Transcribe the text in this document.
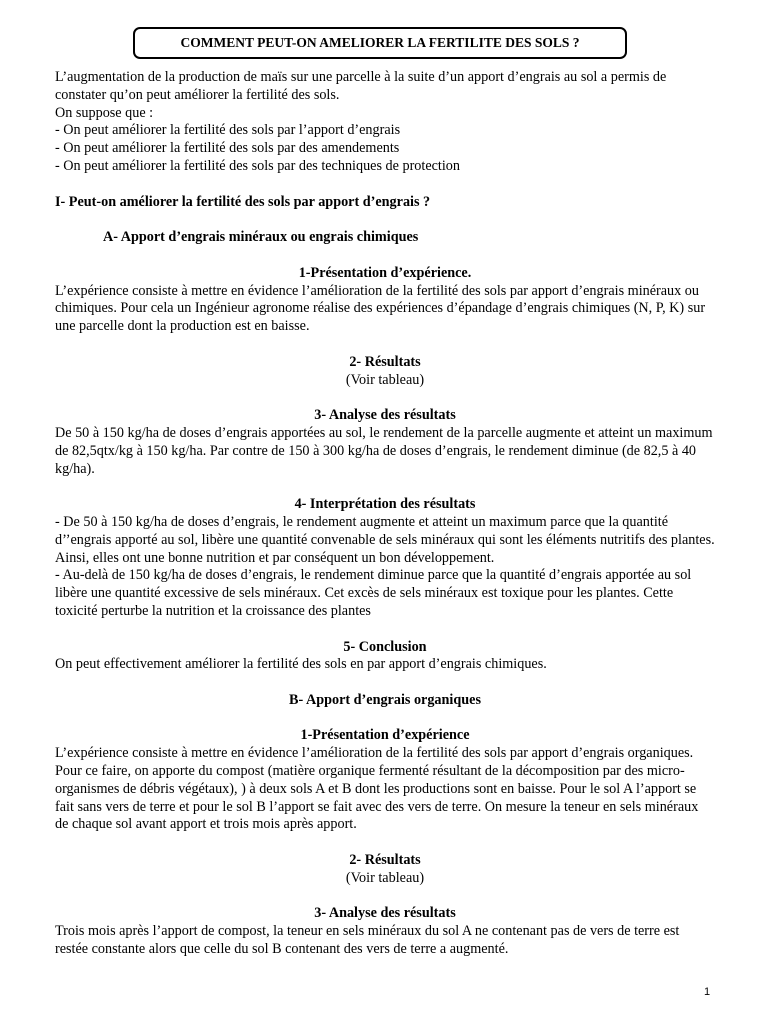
COMMENT PEUT-ON AMELIORER LA FERTILITE DES SOLS ?

L’augmentation de la production de maïs sur une parcelle à la suite d’un apport d’engrais au sol a permis de constater qu’on peut améliorer la fertilité des sols.

On suppose que :

- On peut améliorer la fertilité des sols par l’apport d’engrais

- On peut améliorer la fertilité des sols par des amendements

- On peut améliorer la fertilité des sols par des techniques de protection

I- Peut-on améliorer la fertilité des sols par apport d’engrais ?

A- Apport d’engrais minéraux ou engrais chimiques

1-Présentation d’expérience.

L’expérience consiste à mettre en évidence l’amélioration de la fertilité des sols par apport d’engrais minéraux ou chimiques. Pour cela un Ingénieur agronome réalise des expériences d’épandage d’engrais chimiques (N, P, K) sur une parcelle dont la production est en baisse.

2- Résultats

(Voir tableau)

3- Analyse des résultats

De 50 à 150 kg/ha de doses d’engrais apportées au sol, le rendement de la parcelle augmente et atteint un maximum de 82,5qtx/kg à 150 kg/ha. Par contre de 150 à 300 kg/ha de doses d’engrais, le rendement diminue (de 82,5 à 40 kg/ha).

4- Interprétation des résultats

- De 50 à 150 kg/ha de doses d’engrais, le rendement augmente et atteint un maximum parce que la quantité d’’engrais apporté au sol, libère une quantité convenable de sels minéraux qui sont les éléments nutritifs des plantes. Ainsi, elles ont une bonne nutrition et par conséquent un bon développement.

- Au-delà de 150 kg/ha de doses d’engrais, le rendement diminue parce que la quantité d’engrais apportée au sol libère une quantité excessive de sels minéraux. Cet excès de sels minéraux est toxique pour les plantes. Cette toxicité perturbe la nutrition et la croissance des plantes

5- Conclusion

On peut effectivement améliorer la fertilité des sols en par apport d’engrais chimiques.

B- Apport d’engrais organiques

1-Présentation d’expérience

L’expérience consiste à mettre en évidence l’amélioration de la fertilité des sols par apport d’engrais organiques. Pour ce faire, on apporte du compost (matière organique fermenté résultant de la décomposition par des micro-organismes de débris végétaux), ) à deux sols A et B dont les productions sont en baisse. Pour le sol A l’apport se fait sans vers de terre et pour le sol B l’apport se fait avec des vers de terre. On mesure la teneur en sels minéraux de chaque sol avant apport et trois mois après apport.

2- Résultats

(Voir tableau)

3- Analyse des résultats

Trois mois après l’apport de compost, la teneur en sels minéraux du sol A ne contenant pas de vers de terre est restée constante alors que celle du sol B contenant des vers de terre a augmenté.

1
